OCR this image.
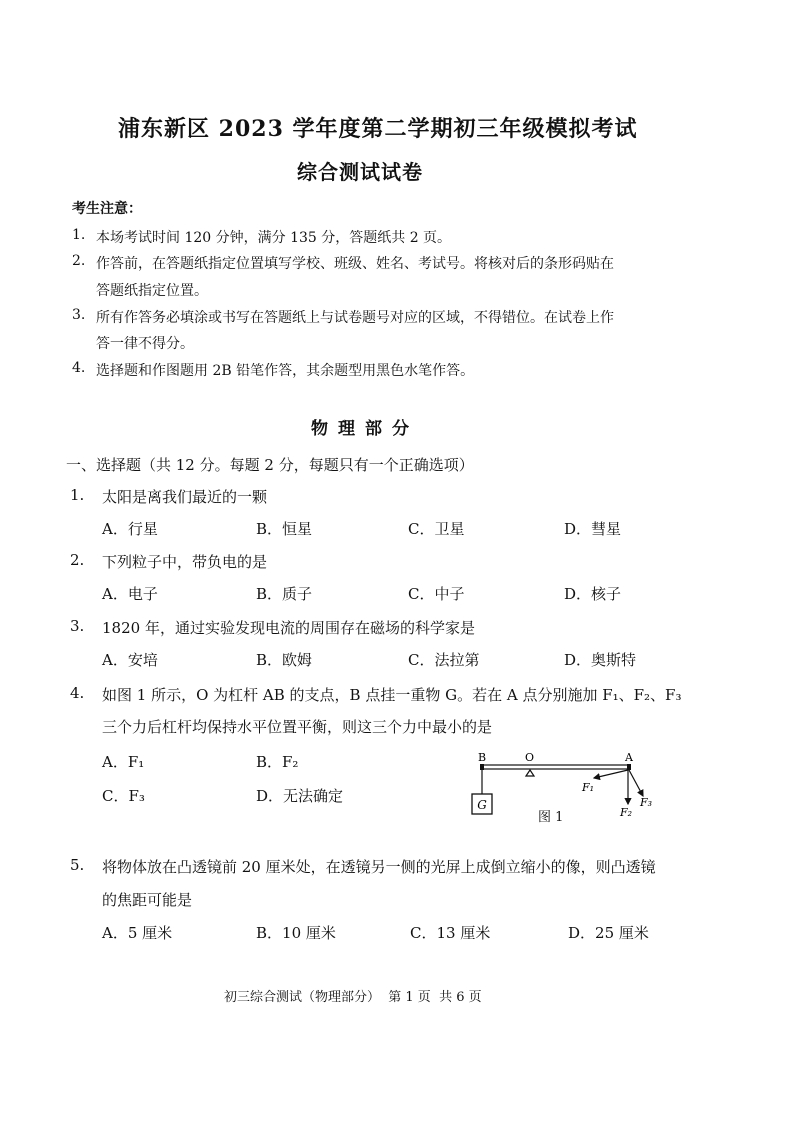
浦东新区 2023 学年度第二学期初三年级模拟考试
综合测试试卷
考生注意：
1. 本场考试时间 120 分钟，满分 135 分，答题纸共 2 页。
2. 作答前，在答题纸指定位置填写学校、班级、姓名、考试号。将核对后的条形码贴在
答题纸指定位置。
3. 所有作答务必填涂或书写在答题纸上与试卷题号对应的区域，不得错位。在试卷上作
答一律不得分。
4. 选择题和作图题用 2B 铅笔作答，其余题型用黑色水笔作答。
物理部分
一、选择题（共 12 分。每题 2 分，每题只有一个正确选项）
1. 太阳是离我们最近的一颗
A．行星	B．恒星	C．卫星	D．彗星
2. 下列粒子中，带负电的是
A．电子	B．质子	C．中子	D．核子
3. 1820 年，通过实验发现电流的周围存在磁场的科学家是
A．安培	B．欧姆	C．法拉第	D．奥斯特
4. 如图 1 所示，O 为杠杆 AB 的支点，B 点挂一重物 G。若在 A 点分别施加 F₁、F₂、F₃
三个力后杠杆均保持水平位置平衡，则这三个力中最小的是
A．F₁	B．F₂
C．F₃	D．无法确定	G
B	O	A
F₁
F₂
F₃
图 1
5. 将物体放在凸透镜前 20 厘米处，在透镜另一侧的光屏上成倒立缩小的像，则凸透镜
的焦距可能是
A．5 厘米	B．10 厘米	C．13 厘米	D．25 厘米
初三综合测试（物理部分）  第 1 页  共 6 页
